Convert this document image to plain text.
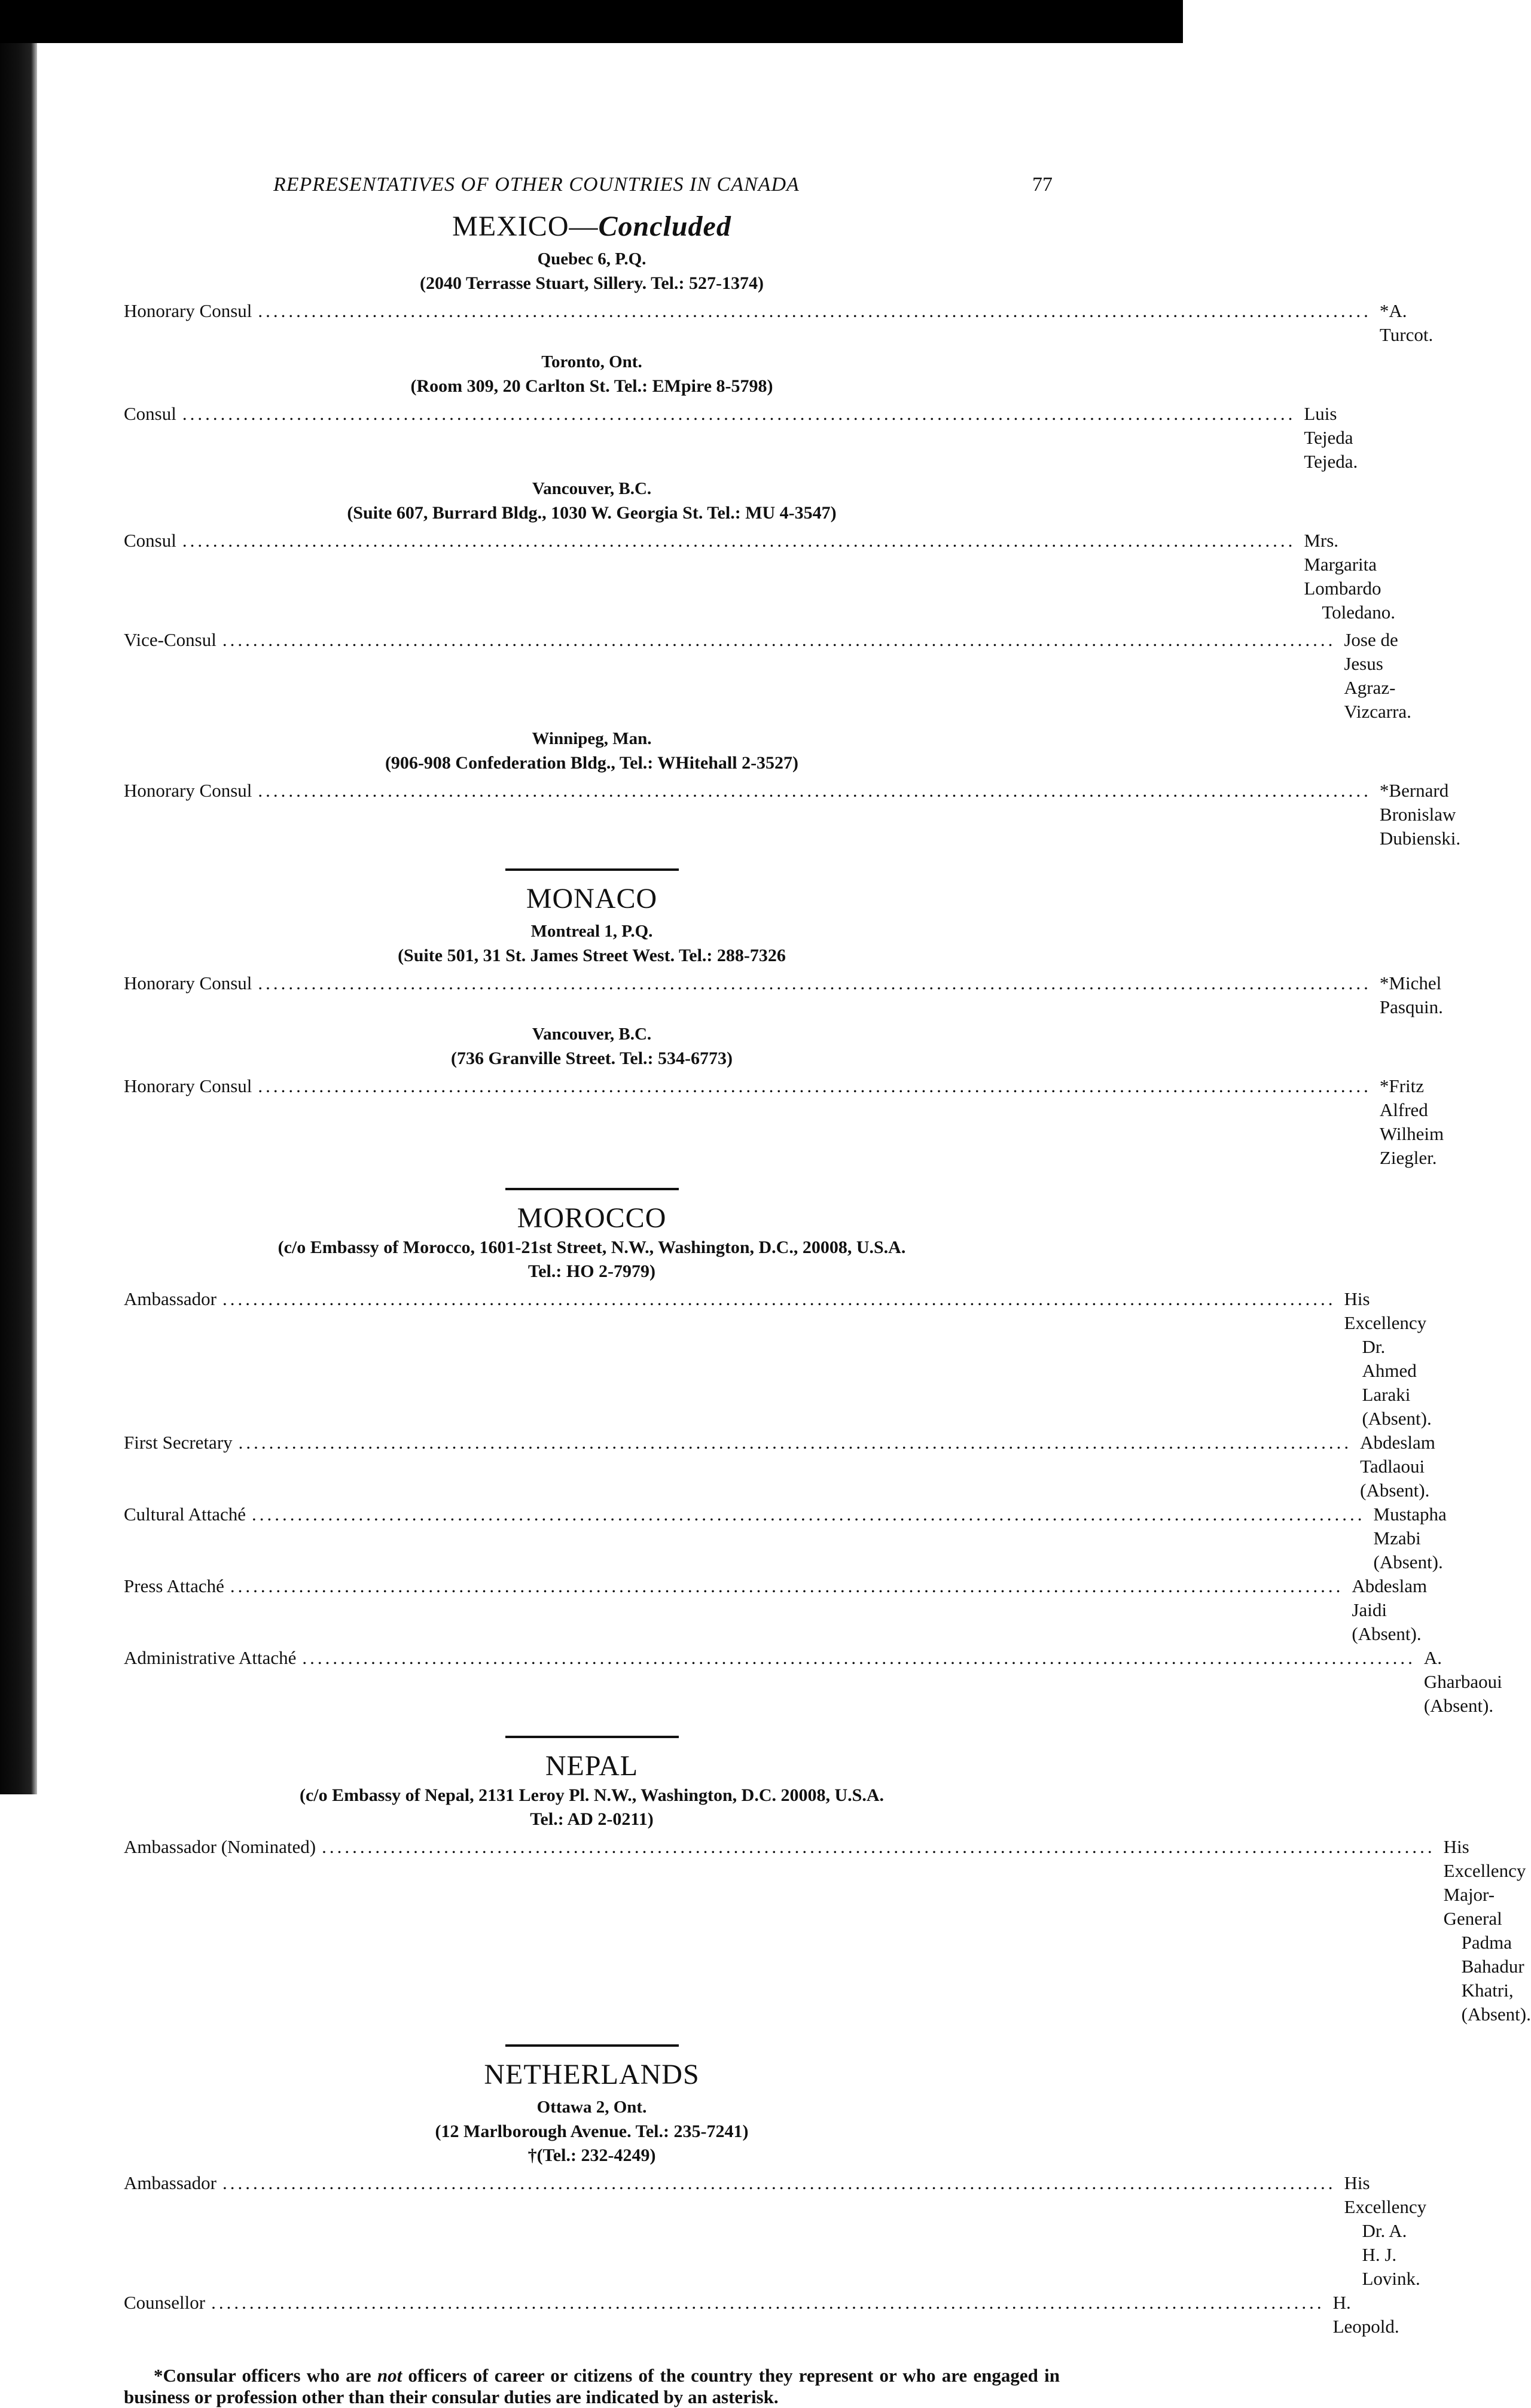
REPRESENTATIVES OF OTHER COUNTRIES IN CANADA	77
MEXICO—Concluded
Quebec 6, P.Q.
(2040 Terrasse Stuart, Sillery. Tel.: 527-1374)
Honorary Consul .................................................................................................................................................. *A. Turcot.
Toronto, Ont.
(Room 309, 20 Carlton St. Tel.: EMpire 8-5798)
Consul .................................................................................................................................................. Luis Tejeda Tejeda.
Vancouver, B.C.
(Suite 607, Burrard Bldg., 1030 W. Georgia St. Tel.: MU 4-3547)
Consul .................................................................................................................................................. Mrs. Margarita Lombardo
Toledano.
Vice-Consul .................................................................................................................................................. Jose de Jesus Agraz-Vizcarra.
Winnipeg, Man.
(906-908 Confederation Bldg., Tel.: WHitehall 2-3527)
Honorary Consul .................................................................................................................................................. *Bernard Bronislaw Dubienski.
MONACO
Montreal 1, P.Q.
(Suite 501, 31 St. James Street West. Tel.: 288-7326
Honorary Consul .................................................................................................................................................. *Michel Pasquin.
Vancouver, B.C.
(736 Granville Street. Tel.: 534-6773)
Honorary Consul .................................................................................................................................................. *Fritz Alfred Wilheim Ziegler.
MOROCCO
(c/o Embassy of Morocco, 1601-21st Street, N.W., Washington, D.C., 20008, U.S.A.
Tel.: HO 2-7979)
Ambassador .................................................................................................................................................. His Excellency
Dr. Ahmed Laraki (Absent).
First Secretary .................................................................................................................................................. Abdeslam Tadlaoui (Absent).
Cultural Attaché .................................................................................................................................................. Mustapha Mzabi (Absent).
Press Attaché .................................................................................................................................................. Abdeslam Jaidi (Absent).
Administrative Attaché .................................................................................................................................................. A. Gharbaoui (Absent).
NEPAL
(c/o Embassy of Nepal, 2131 Leroy Pl. N.W., Washington, D.C. 20008, U.S.A.
Tel.: AD 2-0211)
Ambassador (Nominated) .................................................................................................................................................. His Excellency Major-General
Padma Bahadur Khatri,
(Absent).
NETHERLANDS
Ottawa 2, Ont.
(12 Marlborough Avenue. Tel.: 235-7241)
†(Tel.: 232-4249)
Ambassador .................................................................................................................................................. His Excellency
Dr. A. H. J. Lovink.
Counsellor .................................................................................................................................................. H. Leopold.
*Consular officers who are not officers of career or citizens of the country they represent or who are engaged in business or profession other than their consular duties are indicated by an asterisk.
